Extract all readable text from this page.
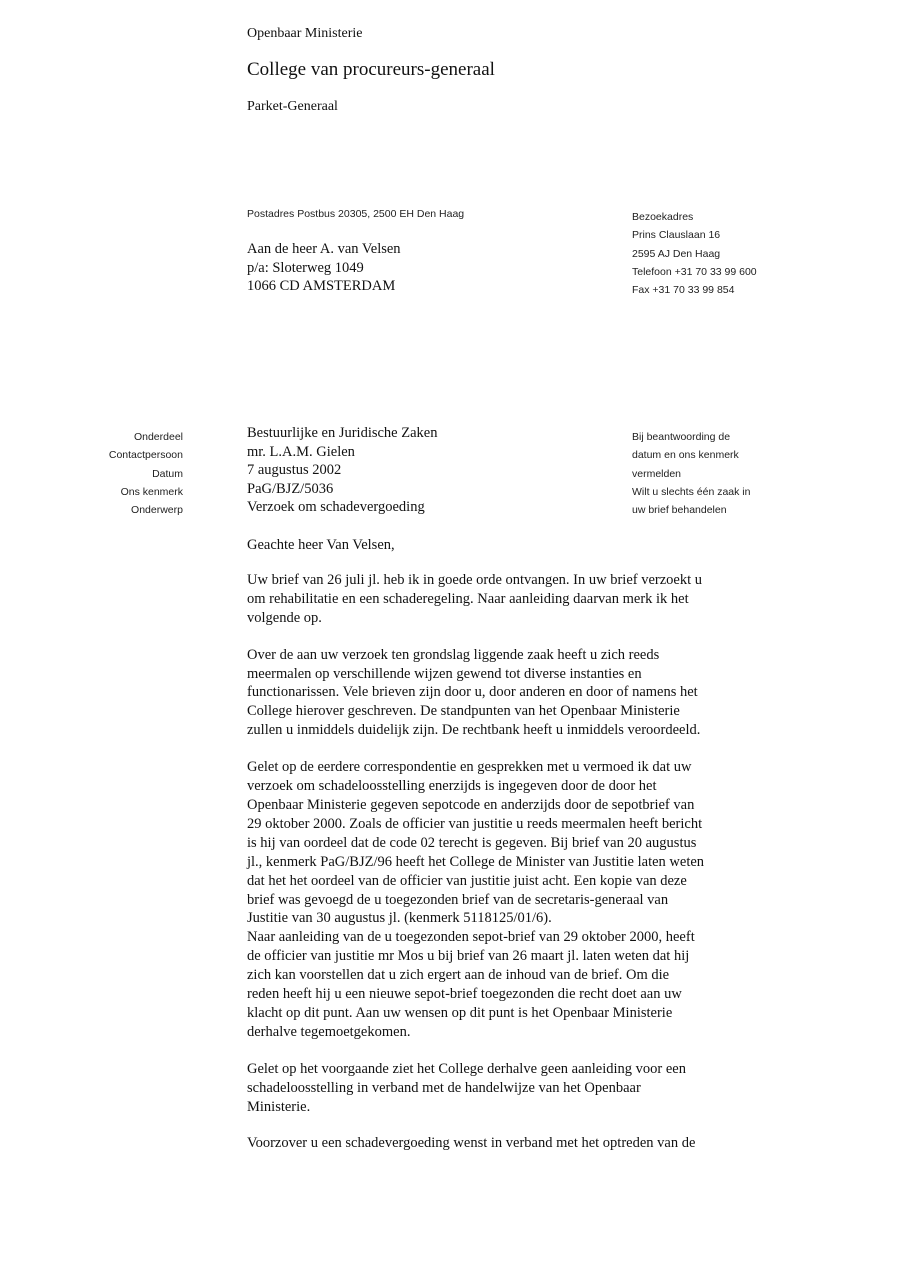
Openbaar Ministerie
College van procureurs-generaal
Parket-Generaal
Postadres Postbus 20305, 2500 EH Den Haag
Aan de heer A. van Velsen
p/a: Sloterweg 1049
1066 CD AMSTERDAM
Bezoekadres
Prins Clauslaan 16
2595 AJ Den Haag
Telefoon +31 70 33 99 600
Fax +31 70 33 99 854
Onderdeel
Contactpersoon
Datum
Ons kenmerk
Onderwerp
Bestuurlijke en Juridische Zaken
mr. L.A.M. Gielen
7 augustus 2002
PaG/BJZ/5036
Verzoek om schadevergoeding
Bij beantwoording de
datum en ons kenmerk
vermelden
Wilt u slechts één zaak in
uw brief behandelen
Geachte heer Van Velsen,
Uw brief van 26 juli jl. heb ik in goede orde ontvangen. In uw brief verzoekt u
om rehabilitatie en een schaderegeling. Naar aanleiding daarvan merk ik het
volgende op.
Over de aan uw verzoek ten grondslag liggende zaak heeft u zich reeds
meermalen op verschillende wijzen gewend tot diverse instanties en
functionarissen. Vele brieven zijn door u, door anderen en door of namens het
College hierover geschreven. De standpunten van het Openbaar Ministerie
zullen u inmiddels duidelijk zijn. De rechtbank heeft u inmiddels veroordeeld.
Gelet op de eerdere correspondentie en gesprekken met u vermoed ik dat uw
verzoek om schadeloosstelling enerzijds is ingegeven door de door het
Openbaar Ministerie gegeven sepotcode en anderzijds door de sepotbrief van
29 oktober 2000. Zoals de officier van justitie u reeds meermalen heeft bericht
is hij van oordeel dat de code 02 terecht is gegeven. Bij brief van 20 augustus
jl., kenmerk PaG/BJZ/96 heeft het College de Minister van Justitie laten weten
dat het het oordeel van de officier van justitie juist acht. Een kopie van deze
brief was gevoegd de u toegezonden brief van de secretaris-generaal van
Justitie van 30 augustus jl. (kenmerk 5118125/01/6).
Naar aanleiding van de u toegezonden sepot-brief van 29 oktober 2000, heeft
de officier van justitie mr Mos u bij brief van 26 maart jl. laten weten dat hij
zich kan voorstellen dat u zich ergert aan de inhoud van de brief. Om die
reden heeft hij u een nieuwe sepot-brief toegezonden die recht doet aan uw
klacht op dit punt. Aan uw wensen op dit punt is het Openbaar Ministerie
derhalve tegemoetgekomen.
Gelet op het voorgaande ziet het College derhalve geen aanleiding voor een
schadeloosstelling in verband met de handelwijze van het Openbaar
Ministerie.
Voorzover u een schadevergoeding wenst in verband met het optreden van de
